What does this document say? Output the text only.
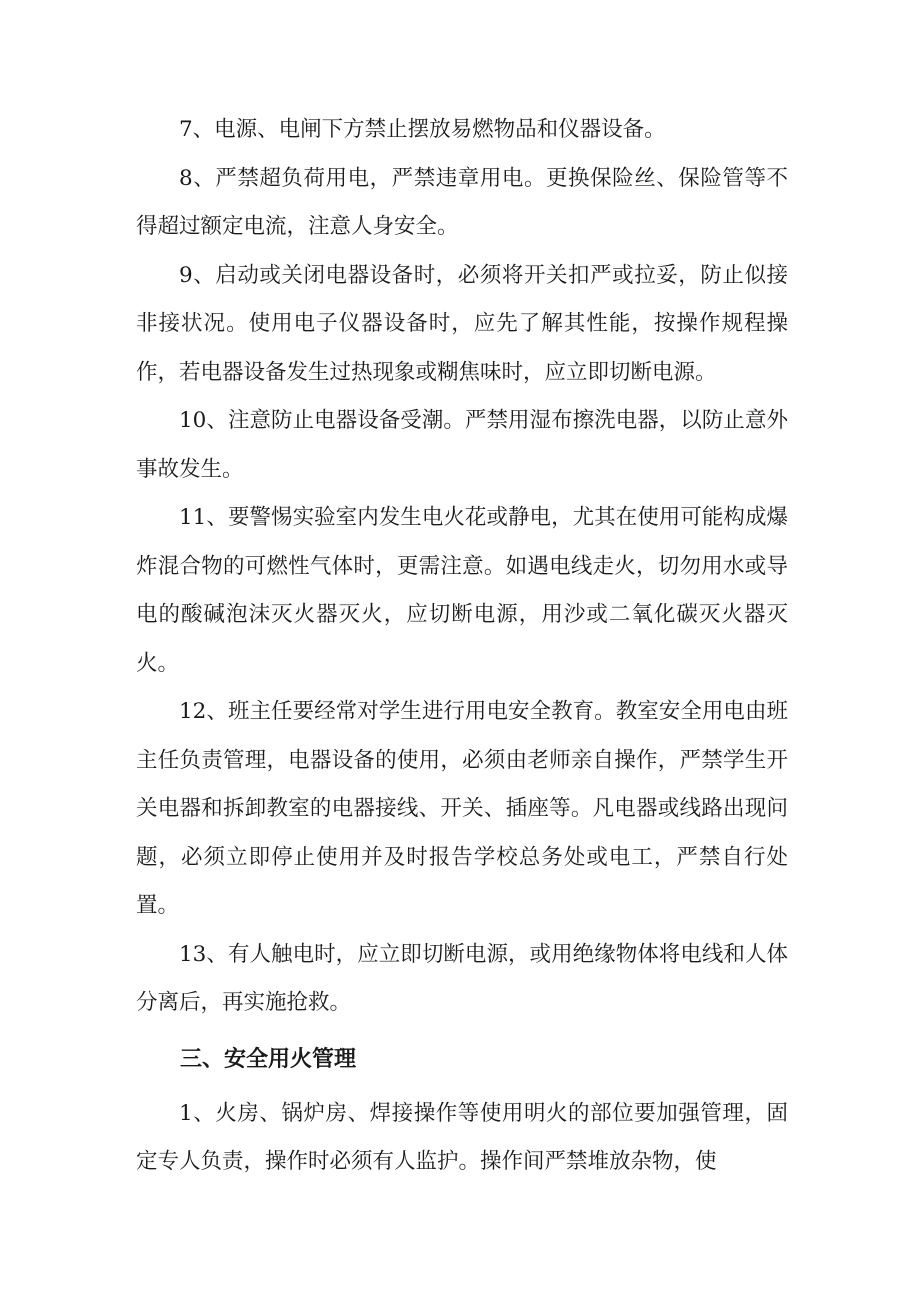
7、电源、电闸下方禁止摆放易燃物品和仪器设备。

8、严禁超负荷用电，严禁违章用电。更换保险丝、保险管等不得超过额定电流，注意人身安全。

9、启动或关闭电器设备时，必须将开关扣严或拉妥，防止似接非接状况。使用电子仪器设备时，应先了解其性能，按操作规程操作，若电器设备发生过热现象或糊焦味时，应立即切断电源。

10、注意防止电器设备受潮。严禁用湿布擦洗电器，以防止意外事故发生。

11、要警惕实验室内发生电火花或静电，尤其在使用可能构成爆炸混合物的可燃性气体时，更需注意。如遇电线走火，切勿用水或导电的酸碱泡沫灭火器灭火，应切断电源，用沙或二氧化碳灭火器灭火。

12、班主任要经常对学生进行用电安全教育。教室安全用电由班主任负责管理，电器设备的使用，必须由老师亲自操作，严禁学生开关电器和拆卸教室的电器接线、开关、插座等。凡电器或线路出现问题，必须立即停止使用并及时报告学校总务处或电工，严禁自行处置。

13、有人触电时，应立即切断电源，或用绝缘物体将电线和人体分离后，再实施抢救。

三、安全用火管理

1、火房、锅炉房、焊接操作等使用明火的部位要加强管理，固定专人负责，操作时必须有人监护。操作间严禁堆放杂物，使
